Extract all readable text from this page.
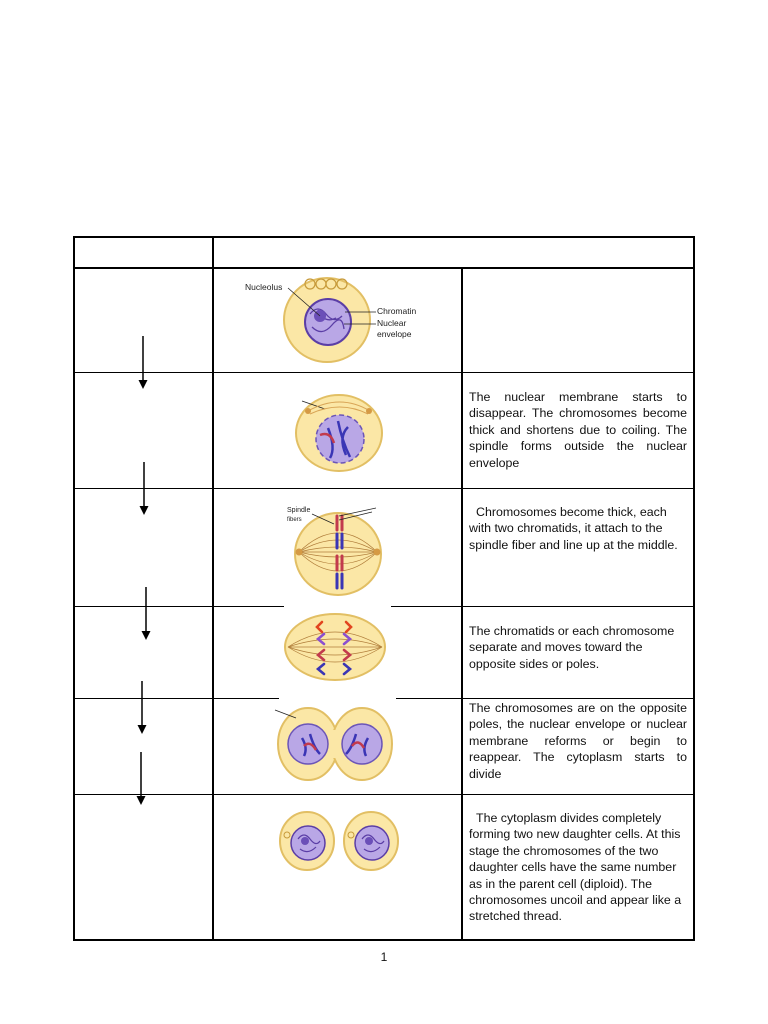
Nucleolus
Chromatin
Nuclear
envelope
Spindle
fibers

The nuclear membrane starts to disappear. The chromosomes become thick and shortens due to coiling. The spindle forms outside the nuclear envelope

Chromosomes become thick, each with two chromatids, it attach to the spindle fiber and line up at the middle.

The chromatids or each chromosome separate and moves toward the opposite sides or poles.

The chromosomes are on the opposite poles, the nuclear envelope or nuclear membrane reforms or begin to reappear. The cytoplasm starts to divide

The cytoplasm divides completely forming two new daughter cells. At this stage the chromosomes of the two daughter cells have the same number as in the parent cell (diploid). The chromosomes uncoil and appear like a stretched thread.

1
